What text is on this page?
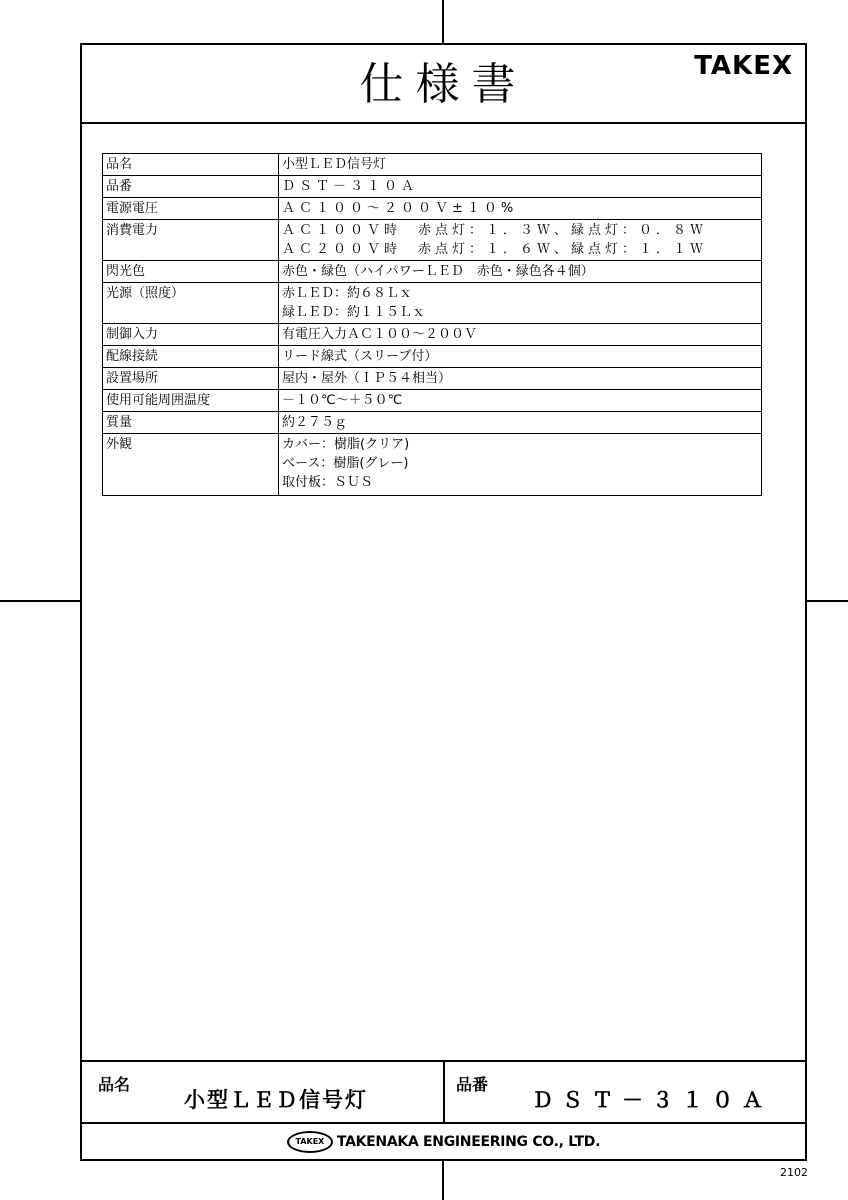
仕様書	TAKEX
品名	小型ＬＥＤ信号灯

品番	ＤＳＴ－３１０Ａ

電源電圧	ＡＣ１００～２００Ｖ±１０%

消費電力	ＡＣ１００Ｖ時　赤点灯：１．３Ｗ、緑点灯：０．８Ｗ
ＡＣ２００Ｖ時　赤点灯：１．６Ｗ、緑点灯：１．１Ｗ

閃光色	赤色・緑色（ハイパワーＬＥＤ　赤色・緑色各４個）

光源（照度）	赤ＬＥＤ：約６８Ｌｘ
緑ＬＥＤ：約１１５Ｌｘ

制御入力	有電圧入力ＡＣ１００～２００Ｖ

配線接続	リード線式（スリーブ付）

設置場所	屋内・屋外（ＩＰ５４相当）

使用可能周囲温度	－１０℃～＋５０℃

質量	約２７５ｇ

外観	カバー：樹脂(クリア)
ベース：樹脂(グレー)
取付板：ＳＵＳ
品名
小型ＬＥＤ信号灯
品番
ＤＳＴ－３１０Ａ
TAKEX TAKENAKA ENGINEERING CO., LTD.
2102
